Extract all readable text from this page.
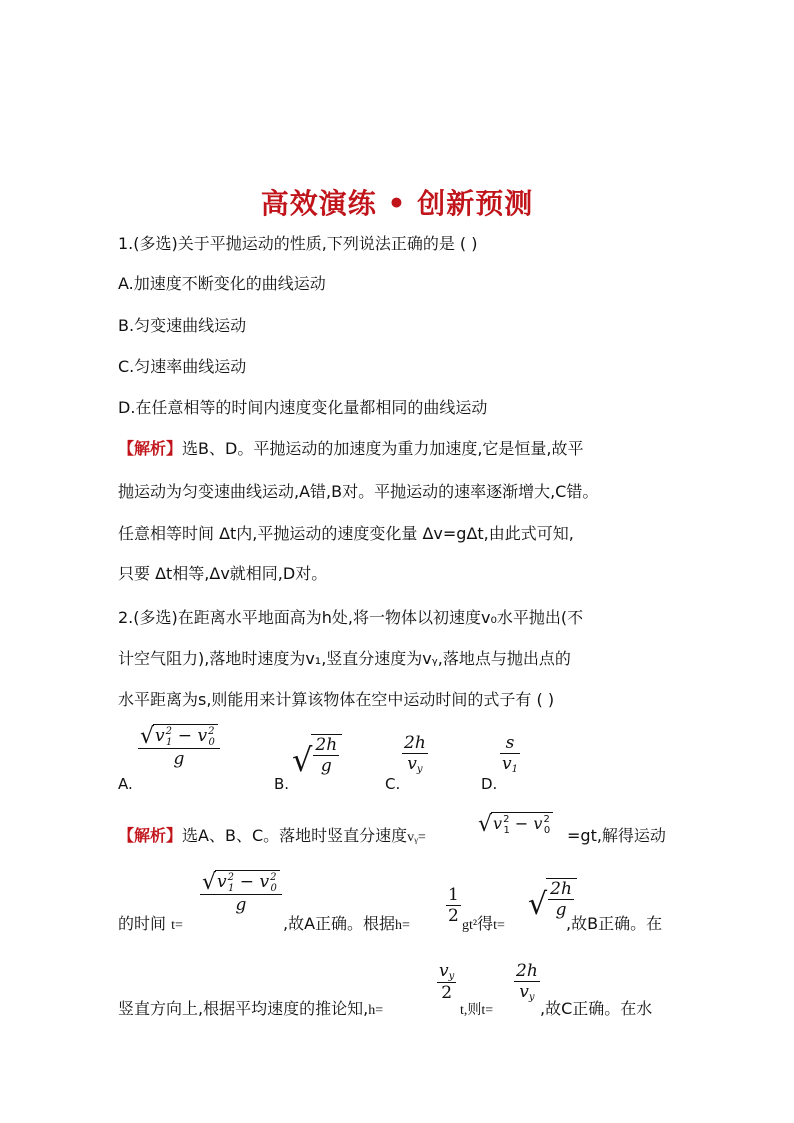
高效演练 • 创新预测
1.(多选)关于平抛运动的性质,下列说法正确的是 ( )
A.加速度不断变化的曲线运动
B.匀变速曲线运动
C.匀速率曲线运动
D.在任意相等的时间内速度变化量都相同的曲线运动
【解析】选B、D。平抛运动的加速度为重力加速度,它是恒量,故平
抛运动为匀变速曲线运动,A错,B对。平抛运动的速率逐渐增大,C错。
任意相等时间 Δt内,平抛运动的速度变化量 Δv=gΔt,由此式可知,
只要 Δt相等,Δv就相同,D对。
2.(多选)在距离水平地面高为h处,将一物体以初速度v₀水平抛出(不
计空气阻力),落地时速度为v₁,竖直分速度为vᵧ,落地点与抛出点的
水平距离为s,则能用来计算该物体在空中运动时间的式子有 ( )
A.
$\frac{√ v^2_1 - v^2_0}{g}$
B.
√ $\frac{2h}{g}$
C.
$\frac{2h}{v_y}$
D.
$\frac{s}{v_1}$
【解析】选A、B、C。落地时竖直分速度vᵧ=
√ $v^2_1 - v^2_0 =gt$,解得运动
的时间 t=
$\frac{√ v^2_1 - v^2_0}{g}$
,故A正确。根据$h= \frac{1}{2} gt^2$得t=
√ $\frac{2h}{g}$
,故B正确。在
竖直方向上,根据平均速度的推论知,h=
$\frac{v_y}{2}$
t,则t=
$\frac{2h}{v_y}$
,故C正确。在水
